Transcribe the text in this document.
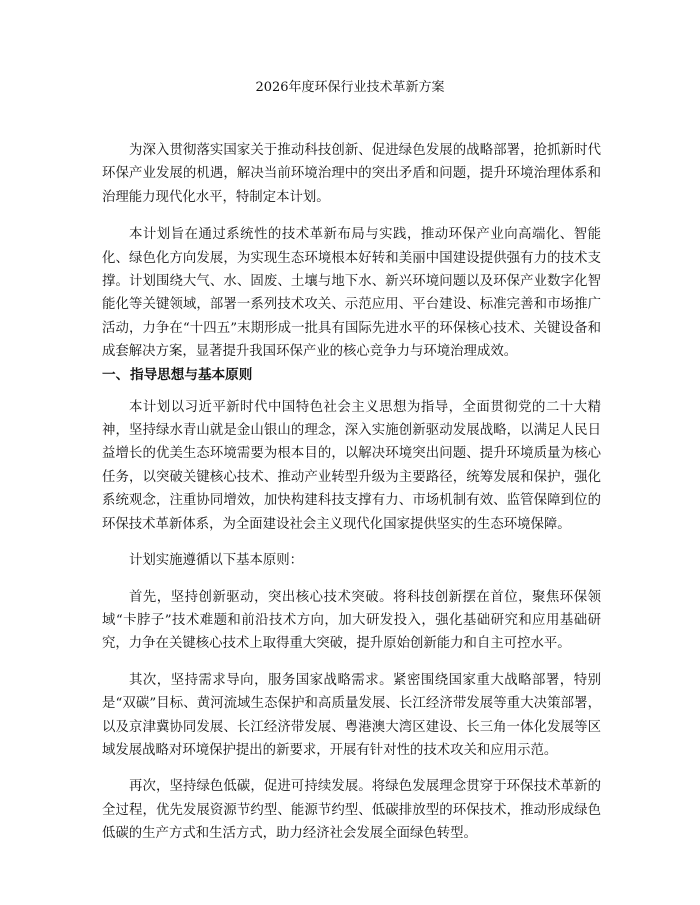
2026年度环保行业技术革新方案

为深入贯彻落实国家关于推动科技创新、促进绿色发展的战略部署，抢抓新时代环保产业发展的机遇，解决当前环境治理中的突出矛盾和问题，提升环境治理体系和治理能力现代化水平，特制定本计划。

本计划旨在通过系统性的技术革新布局与实践，推动环保产业向高端化、智能化、绿色化方向发展，为实现生态环境根本好转和美丽中国建设提供强有力的技术支撑。计划围绕大气、水、固废、土壤与地下水、新兴环境问题以及环保产业数字化智能化等关键领域，部署一系列技术攻关、示范应用、平台建设、标准完善和市场推广活动，力争在“十四五”末期形成一批具有国际先进水平的环保核心技术、关键设备和成套解决方案，显著提升我国环保产业的核心竞争力与环境治理成效。

一、 指导思想与基本原则

本计划以习近平新时代中国特色社会主义思想为指导，全面贯彻党的二十大精神，坚持绿水青山就是金山银山的理念，深入实施创新驱动发展战略，以满足人民日益增长的优美生态环境需要为根本目的，以解决环境突出问题、提升环境质量为核心任务，以突破关键核心技术、推动产业转型升级为主要路径，统筹发展和保护，强化系统观念，注重协同增效，加快构建科技支撑有力、市场机制有效、监管保障到位的环保技术革新体系，为全面建设社会主义现代化国家提供坚实的生态环境保障。

计划实施遵循以下基本原则：

首先，坚持创新驱动，突出核心技术突破。将科技创新摆在首位，聚焦环保领域“卡脖子”技术难题和前沿技术方向，加大研发投入，强化基础研究和应用基础研究，力争在关键核心技术上取得重大突破，提升原始创新能力和自主可控水平。

其次，坚持需求导向，服务国家战略需求。紧密围绕国家重大战略部署，特别是“双碳”目标、黄河流域生态保护和高质量发展、长江经济带发展等重大决策部署，以及京津冀协同发展、长江经济带发展、粤港澳大湾区建设、长三角一体化发展等区域发展战略对环境保护提出的新要求，开展有针对性的技术攻关和应用示范。

再次，坚持绿色低碳，促进可持续发展。将绿色发展理念贯穿于环保技术革新的全过程，优先发展资源节约型、能源节约型、低碳排放型的环保技术，推动形成绿色低碳的生产方式和生活方式，助力经济社会发展全面绿色转型。
